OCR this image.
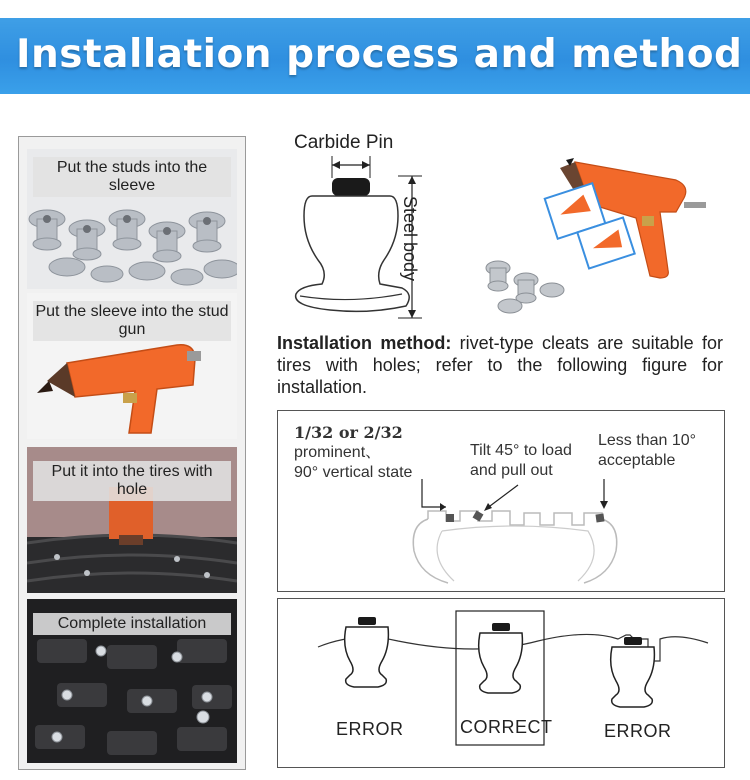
Installation process and method
Put the studs into the sleeve
Put the sleeve into the stud gun
Put it into the tires with hole
Complete installation
Carbide Pin
Steel body
Installation method: rivet-type cleats are suitable for tires with holes; refer to the following figure for installation.
1/32 or 2/32
prominent、
90° vertical state
Tilt 45° to load
and pull out
Less than 10°
acceptable
ERROR	CORRECT	ERROR
